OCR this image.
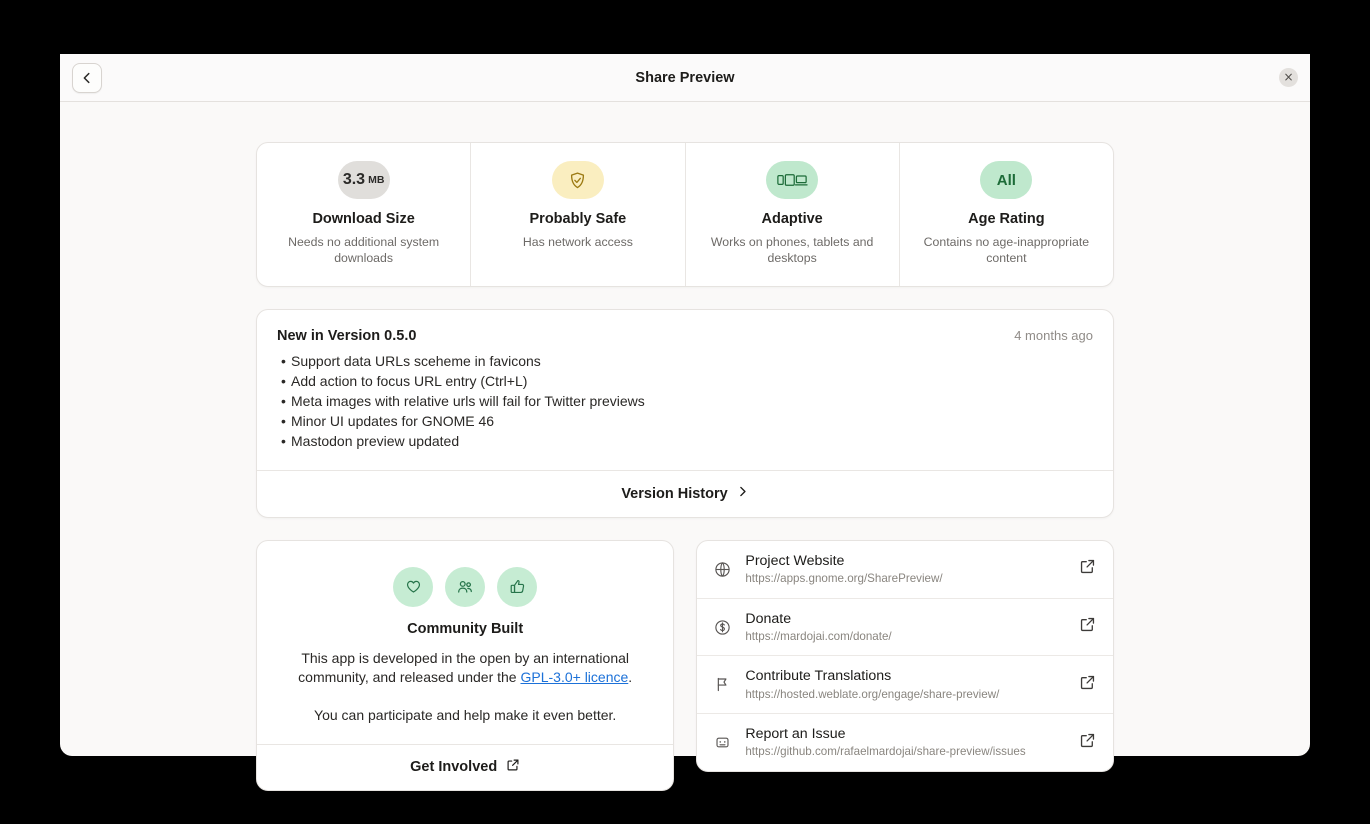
Share Preview	×
3.3 MB
Download Size
Needs no additional system downloads
Probably Safe
Has network access
Adaptive
Works on phones, tablets and desktops
All
Age Rating
Contains no age-inappropriate content
New in Version 0.5.0	4 months ago
• Support data URLs sceheme in favicons
• Add action to focus URL entry (Ctrl+L)
• Meta images with relative urls will fail for Twitter previews
• Minor UI updates for GNOME 46
• Mastodon preview updated
Version History
Community Built

This app is developed in the open by an international community, and released under the GPL-3.0+ licence.

You can participate and help make it even better.

Get Involved
Project Website
https://apps.gnome.org/SharePreview/
Donate
https://mardojai.com/donate/
Contribute Translations
https://hosted.weblate.org/engage/share-preview/
Report an Issue
https://github.com/rafaelmardojai/share-preview/issues
